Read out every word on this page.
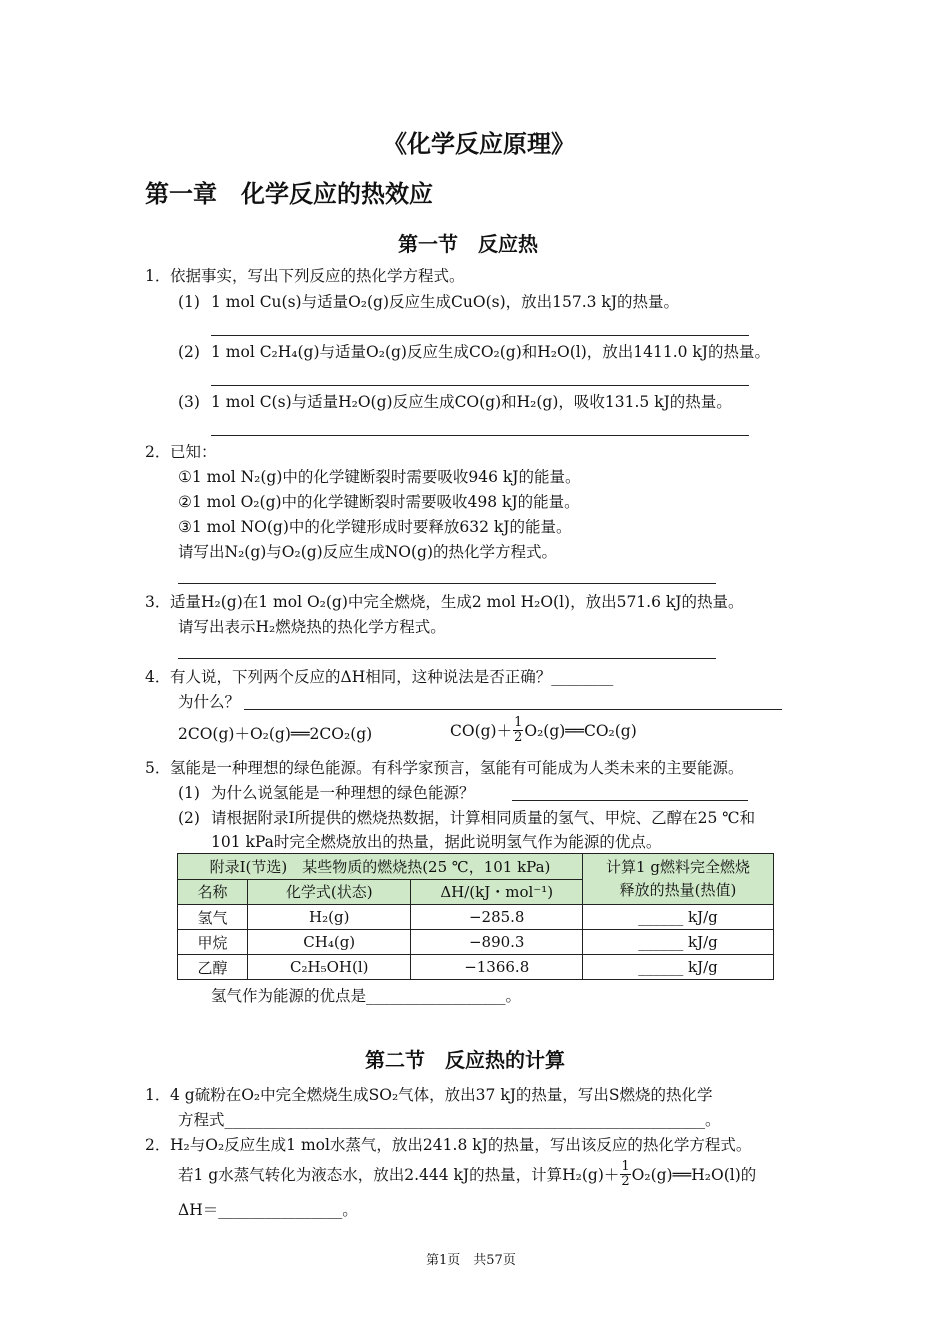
《化学反应原理》
第一章　化学反应的热效应
第一节　反应热
1． 依据事实，写出下列反应的热化学方程式。
(1) 1 mol Cu(s)与适量O₂(g)反应生成CuO(s)，放出157.3 kJ的热量。
(2) 1 mol C₂H₄(g)与适量O₂(g)反应生成CO₂(g)和H₂O(l)，放出1411.0 kJ的热量。
(3) 1 mol C(s)与适量H₂O(g)反应生成CO(g)和H₂(g)，吸收131.5 kJ的热量。
2． 已知：
①1 mol N₂(g)中的化学键断裂时需要吸收946 kJ的能量。
②1 mol O₂(g)中的化学键断裂时需要吸收498 kJ的能量。
③1 mol NO(g)中的化学键形成时要释放632 kJ的能量。
请写出N₂(g)与O₂(g)反应生成NO(g)的热化学方程式。
3． 适量H₂(g)在1 mol O₂(g)中完全燃烧，生成2 mol H₂O(l)，放出571.6 kJ的热量。
请写出表示H₂燃烧热的热化学方程式。
4． 有人说，下列两个反应的ΔH相同，这种说法是否正确？________
为什么？
2CO(g)＋O₂(g)══2CO₂(g)	$CO(g)+ \frac{1}{2}$ O₂(g)══CO₂(g)
5． 氢能是一种理想的绿色能源。有科学家预言，氢能有可能成为人类未来的主要能源。
(1) 为什么说氢能是一种理想的绿色能源？
(2) 请根据附录Ⅰ所提供的燃烧热数据，计算相同质量的氢气、甲烷、乙醇在25 ℃和
101 kPa时完全燃烧放出的热量，据此说明氢气作为能源的优点。
附录Ⅰ(节选)　某些物质的燃烧热(25 ℃，101 kPa)			计算1 g燃料完全燃烧
释放的热量(热值)

名称	化学式(状态)	ΔH/(kJ・mol⁻¹)	
氢气	H₂(g)	−285.8	______ kJ/g
甲烷	CH₄(g)	−890.3	______ kJ/g
乙醇	C₂H₅OH(l)	−1366.8	______ kJ/g
氢气作为能源的优点是__________________。
第二节　反应热的计算
1． 4 g硫粉在O₂中完全燃烧生成SO₂气体，放出37 kJ的热量，写出S燃烧的热化学
方程式______________________________________________________________。
2． H₂与O₂反应生成1 mol水蒸气，放出241.8 kJ的热量，写出该反应的热化学方程式。
若1 g水蒸气转化为液态水，放出2.444 kJ的热量，计算$H_2(g)+ \frac{1}{2}$ O₂(g)══H₂O(l)的
ΔH＝________________。
第1页　共57页
